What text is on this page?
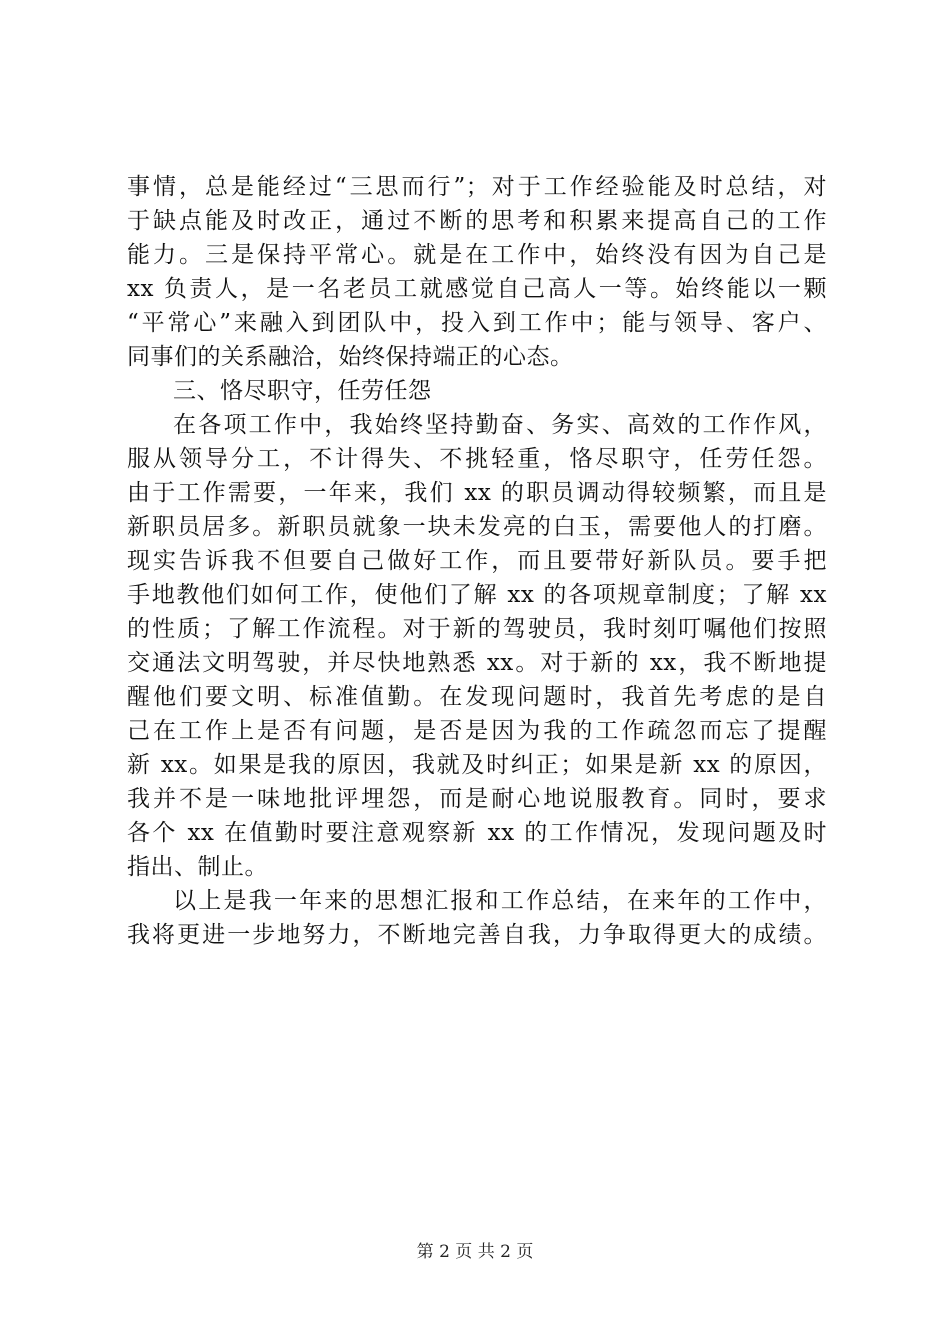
事情，总是能经过“三思而行”；对于工作经验能及时总结，对
于缺点能及时改正，通过不断的思考和积累来提高自己的工作
能力。三是保持平常心。就是在工作中，始终没有因为自己是
xx 负责人，是一名老员工就感觉自己高人一等。始终能以一颗
“平常心”来融入到团队中，投入到工作中；能与领导、客户、
同事们的关系融洽，始终保持端正的心态。
三、恪尽职守，任劳任怨
在各项工作中，我始终坚持勤奋、务实、高效的工作作风，
服从领导分工，不计得失、不挑轻重，恪尽职守，任劳任怨。
由于工作需要，一年来，我们 xx 的职员调动得较频繁，而且是
新职员居多。新职员就象一块未发亮的白玉，需要他人的打磨。
现实告诉我不但要自己做好工作，而且要带好新队员。要手把
手地教他们如何工作，使他们了解 xx 的各项规章制度；了解 xx
的性质；了解工作流程。对于新的驾驶员，我时刻叮嘱他们按照
交通法文明驾驶，并尽快地熟悉 xx。对于新的 xx，我不断地提
醒他们要文明、标准值勤。在发现问题时，我首先考虑的是自
己在工作上是否有问题，是否是因为我的工作疏忽而忘了提醒
新 xx。如果是我的原因，我就及时纠正；如果是新 xx 的原因，
我并不是一味地批评埋怨，而是耐心地说服教育。同时，要求
各个 xx 在值勤时要注意观察新 xx 的工作情况，发现问题及时
指出、制止。
以上是我一年来的思想汇报和工作总结，在来年的工作中，
我将更进一步地努力，不断地完善自我，力争取得更大的成绩。
第 2 页 共 2 页
